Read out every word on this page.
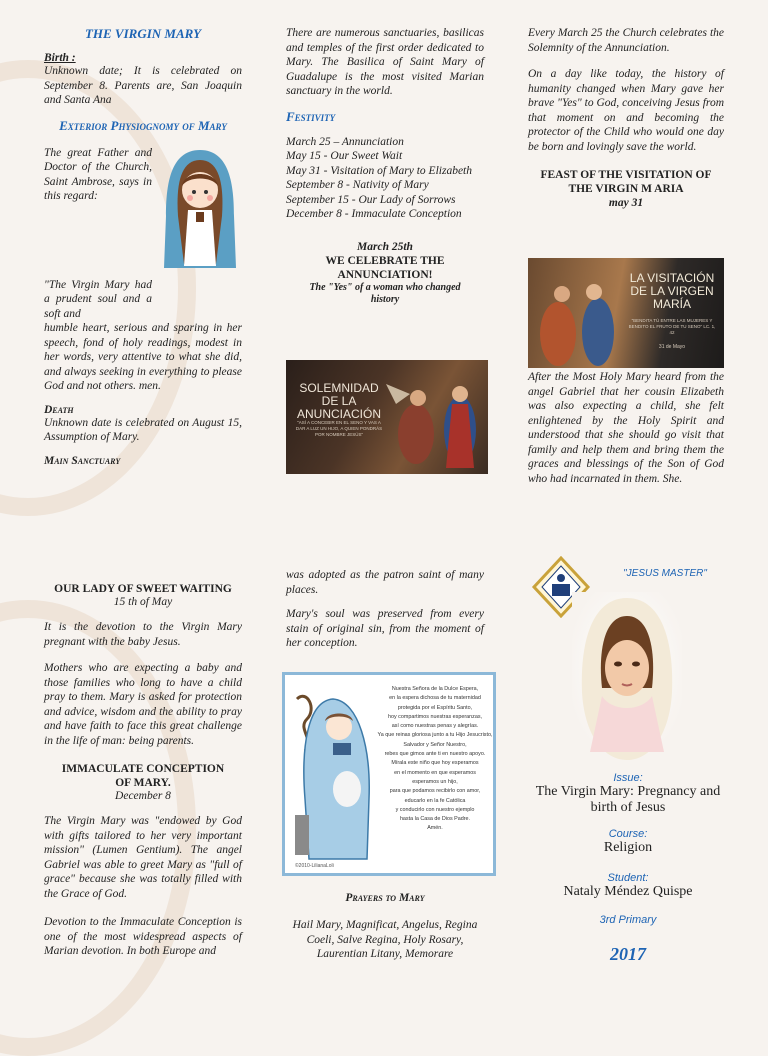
THE VIRGIN MARY
Birth :

Unknown date; It is celebrated on September 8. Parents are, San Joaquin and Santa Ana

Exterior Physiognomy of Mary

The great Father and Doctor of the Church, Saint Ambrose, says in this regard:

"The Virgin Mary had a prudent soul and a soft and

humble heart, serious and sparing in her speech, fond of holy readings, modest in her words, very attentive to what she did, and always seeking in everything to please God and not others. men.

Death

Unknown date is celebrated on August 15, Assumption of Mary.

Main Sanctuary

There are numerous sanctuaries, basilicas and temples of the first order dedicated to Mary. The Basilica of Saint Mary of Guadalupe is the most visited Marian sanctuary in the world.

Festivity
March 25 – Annunciation
May 15 - Our Sweet Wait
May 31 - Visitation of Mary to Elizabeth
September 8 - Nativity of Mary
September 15 - Our Lady of Sorrows
December 8 - Immaculate Conception
March 25th
WE CELEBRATE THE ANNUNCIATION!
The "Yes" of a woman who changed history
SOLEMNIDAD DE LA ANUNCIACIÓN
"ASÍ A CONCEBIR EN EL SENO Y VAS A DAR A LUZ UN HIJO, A QUIEN PONDRÁS POR NOMBRE JESÚS"

Every March 25 the Church celebrates the Solemnity of the Annunciation.

On a day like today, the history of humanity changed when Mary gave her brave "Yes" to God, conceiving Jesus from that moment on and becoming the protector of the Child who would one day be born and lovingly save the world.

FEAST OF THE VISITATION OF THE VIRGIN M ARIA
may 31
LA VISITACIÓN DE LA VIRGEN MARÍA
"BENDITA TÚ ENTRE LAS MUJERES Y BENDITO EL FRUTO DE TU SENO" LC. 1, 42
31 de Mayo

After the Most Holy Mary heard from the angel Gabriel that her cousin Elizabeth was also expecting a child, she felt enlightened by the Holy Spirit and understood that she should go visit that family and help them and bring them the graces and blessings of the Son of God who had incarnated in them. She.

OUR LADY OF SWEET WAITING
15 th of May

It is the devotion to the Virgin Mary pregnant with the baby Jesus.

Mothers who are expecting a baby and those families who long to have a child pray to them. Mary is asked for protection and advice, wisdom and the ability to pray and have faith to face this great challenge in the life of man: being parents.

IMMACULATE CONCEPTION OF MARY.
December 8

The Virgin Mary was "endowed by God with gifts tailored to her very important mission" (Lumen Gentium). The angel Gabriel was able to greet Mary as "full of grace" because she was totally filled with the Grace of God.

Devotion to the Immaculate Conception is one of the most widespread aspects of Marian devotion. In both Europe and

was adopted as the patron saint of many places.

Mary's soul was preserved from every stain of original sin, from the moment of her conception.

Nuestra Señora de la Dulce Espera,
en la espera dichosa de tu maternidad
protegida por el Espíritu Santo,
hoy compartimos nuestras esperanzas,
así como nuestras penas y alegrías.
Ya que reinas gloriosa junto a tu Hijo Jesucristo,
Salvador y Señor Nuestro,
rebes que gimos ante ti en nuestro apoyo.
Mírala este niño que hoy esperamos
en el momento en que esperamos
esperamos un hijo,
para que podamos recibirlo con amor,
educarlo en la fe Católica
y conducirlo con nuestro ejemplo
hasta la Casa de Dios Padre.
Amén.
©2010-LilianaLoli
Prayers to Mary

Hail Mary, Magnificat, Angelus, Regina Coeli, Salve Regina, Holy Rosary, Laurentian Litany, Memorare

"JESUS MASTER"
Issue:
The Virgin Mary: Pregnancy and birth of Jesus
Course:
Religion
Student:
Nataly Méndez Quispe
3rd Primary
2017
